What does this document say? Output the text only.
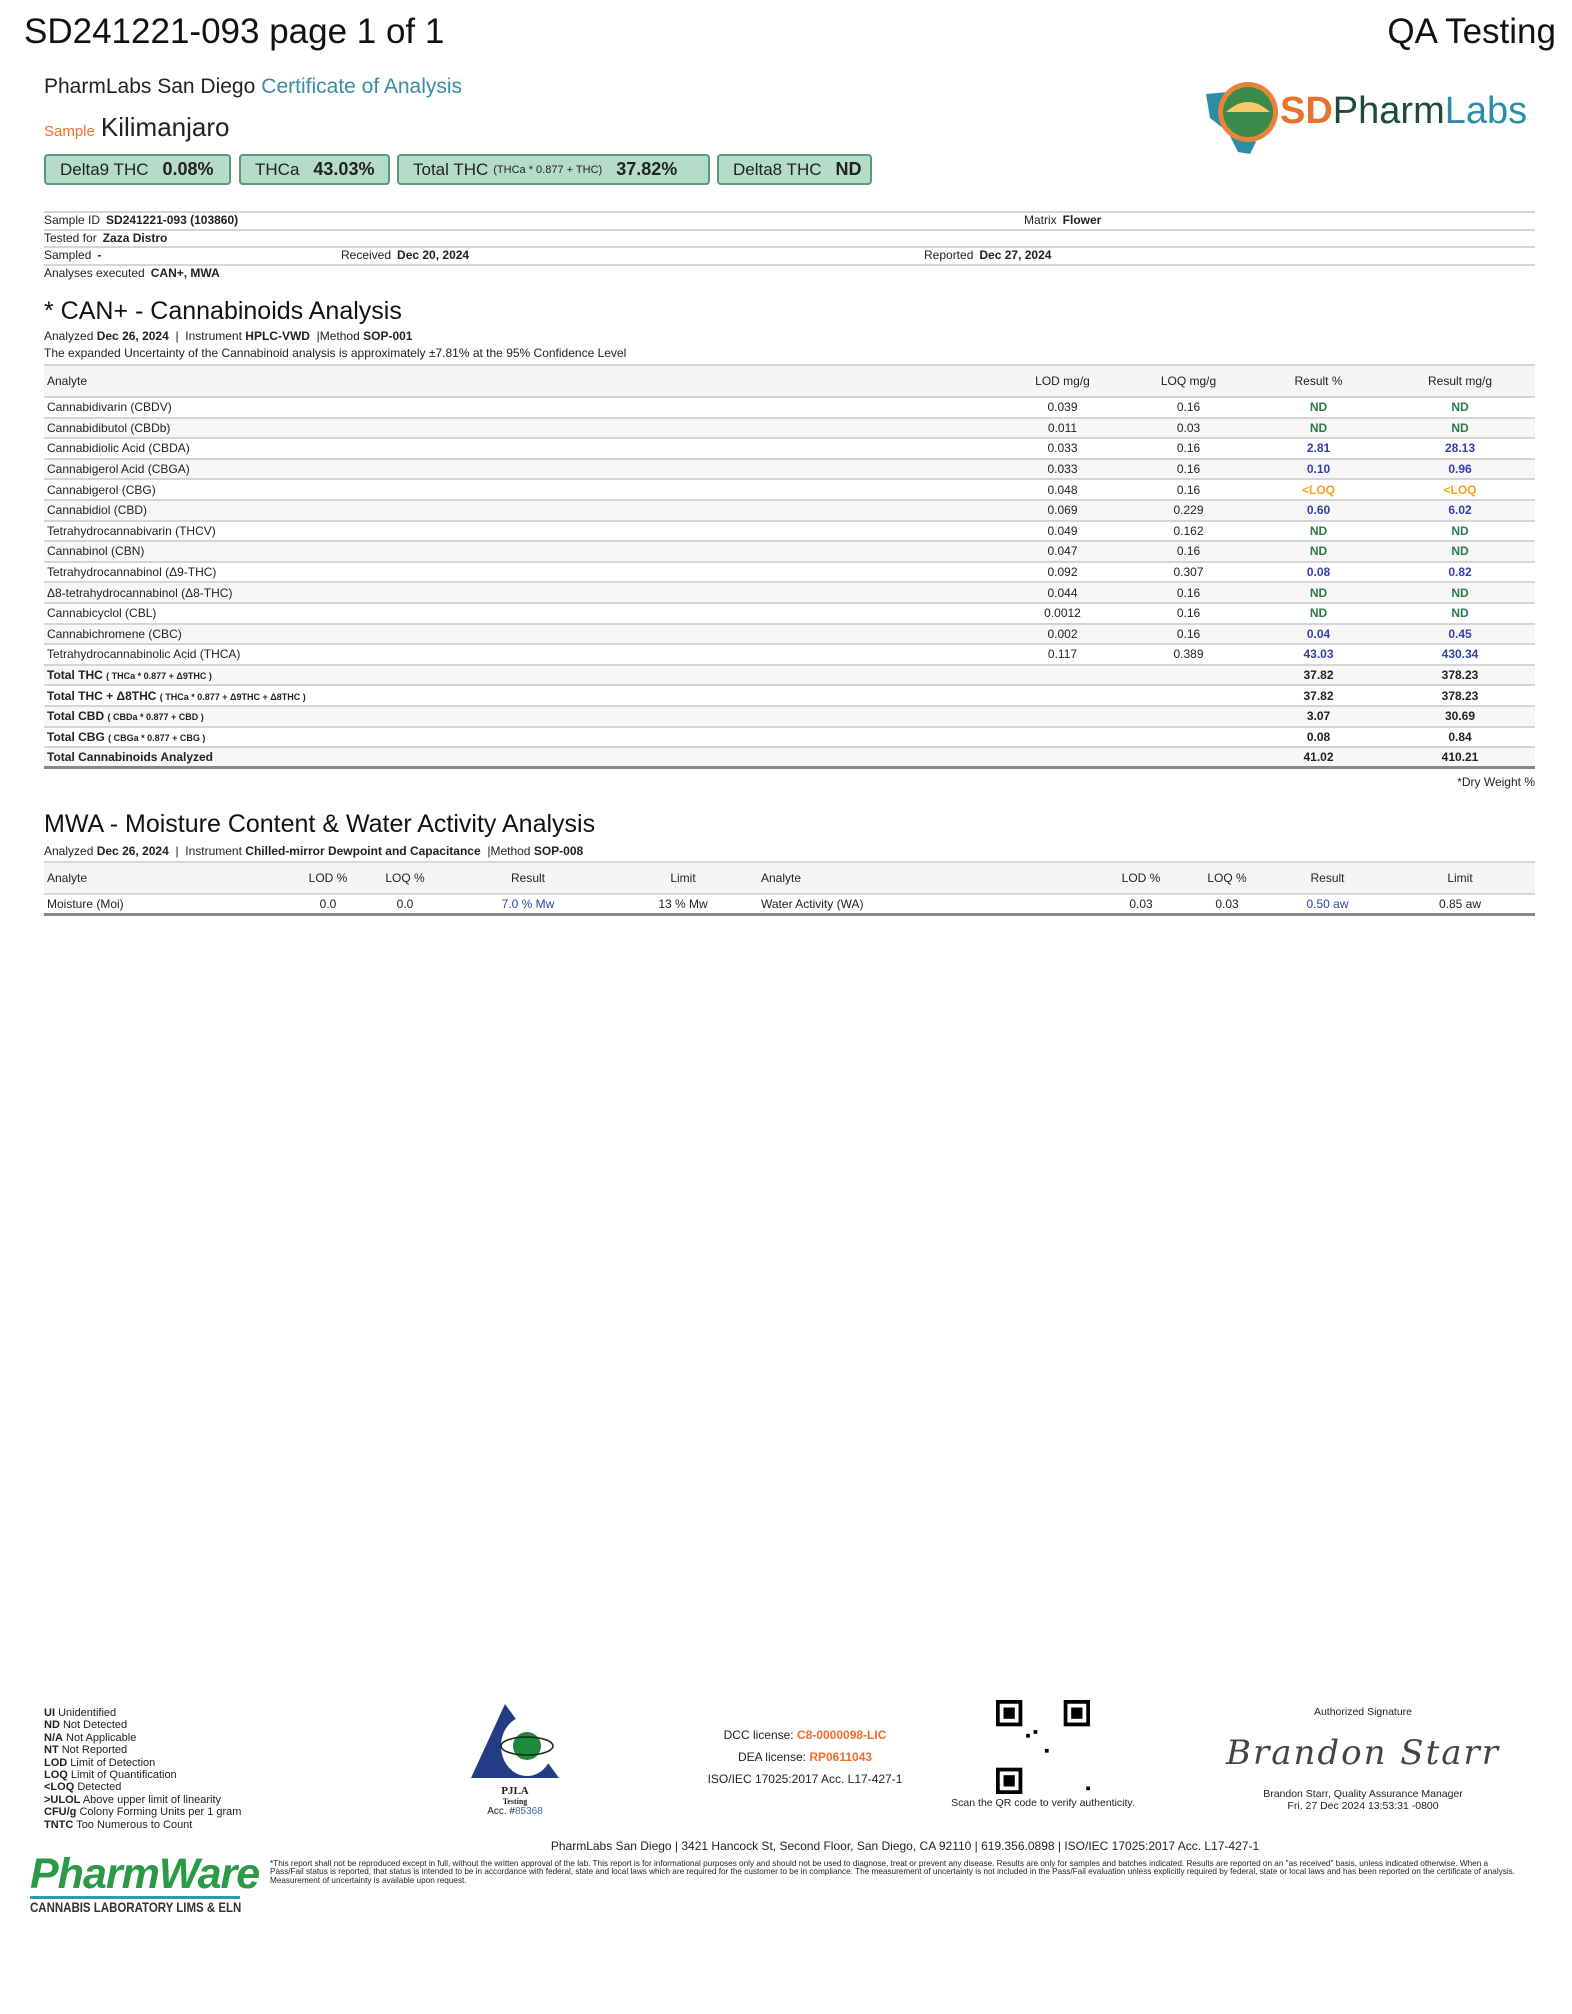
SD241221-093 page 1 of 1	QA Testing
PharmLabs San Diego Certificate of Analysis
Sample Kilimanjaro	SDPharmLabs
Delta9 THC 0.08% THCa 43.03% Total THC (THCa * 0.877 + THC) 37.82%	Delta8 THC ND
Sample ID SD241221-093 (103860)	Matrix Flower
Tested for Zaza Distro
Sampled -	Received Dec 20, 2024	Reported Dec 27, 2024
Analyses executed CAN+, MWA
* CAN+ - Cannabinoids Analysis
Analyzed Dec 26, 2024  |  Instrument HPLC-VWD  |Method SOP-001
The expanded Uncertainty of the Cannabinoid analysis is approximately ±7.81% at the 95% Confidence Level
Analyte	LOD mg/g	LOQ mg/g	Result %	Result mg/g
Cannabidivarin (CBDV)	0.039	0.16	ND	ND
Cannabidibutol (CBDb)	0.011	0.03	ND	ND
Cannabidiolic Acid (CBDA)	0.033	0.16	2.81	28.13
Cannabigerol Acid (CBGA)	0.033	0.16	0.10	0.96
Cannabigerol (CBG)	0.048	0.16	<LOQ	<LOQ
Cannabidiol (CBD)	0.069	0.229	0.60	6.02
Tetrahydrocannabivarin (THCV)	0.049	0.162	ND	ND
Cannabinol (CBN)	0.047	0.16	ND	ND
Tetrahydrocannabinol (Δ9-THC)	0.092	0.307	0.08	0.82
Δ8-tetrahydrocannabinol (Δ8-THC)	0.044	0.16	ND	ND
Cannabicyclol (CBL)	0.0012	0.16	ND	ND
Cannabichromene (CBC)	0.002	0.16	0.04	0.45
Tetrahydrocannabinolic Acid (THCA)	0.117	0.389	43.03	430.34
Total THC ( THCa * 0.877 + Δ9THC )			37.82	378.23
Total THC + Δ8THC ( THCa * 0.877 + Δ9THC + Δ8THC )			37.82	378.23
Total CBD ( CBDa * 0.877 + CBD )			3.07	30.69
Total CBG ( CBGa * 0.877 + CBG )			0.08	0.84
Total Cannabinoids Analyzed			41.02	410.21
*Dry Weight %
MWA - Moisture Content & Water Activity Analysis
Analyzed Dec 26, 2024  |  Instrument Chilled-mirror Dewpoint and Capacitance  |Method SOP-008
Analyte	LOD %	LOQ %	Result	Limit	Analyte	LOD %	LOQ %	Result	Limit
Moisture (Moi)	0.0	0.0	7.0 % Mw	13 % Mw	Water Activity (WA)	0.03	0.03	0.50 aw	0.85 aw
UI Unidentified
ND Not Detected
N/A Not Applicable
NT Not Reported
LOD Limit of Detection
LOQ Limit of Quantification
<LOQ Detected
>ULOL Above upper limit of linearity
CFU/g Colony Forming Units per 1 gram
TNTC Too Numerous to Count
PJLA
Testing
Acc. #85368
DCC license: C8-0000098-LIC
DEA license: RP0611043
ISO/IEC 17025:2017 Acc. L17-427-1
Scan the QR code to verify authenticity.
Authorized Signature
Brandon Starr
Brandon Starr, Quality Assurance Manager
Fri, 27 Dec 2024 13:53:31 -0800
PharmLabs San Diego | 3421 Hancock St, Second Floor, San Diego, CA 92110 | 619.356.0898 | ISO/IEC 17025:2017 Acc. L17-427-1
*This report shall not be reproduced except in full, without the written approval of the lab. This report is for informational purposes only and should not be used to diagnose, treat or prevent any disease. Results are only for samples and batches indicated. Results are reported on an "as received" basis, unless indicated otherwise. When a Pass/Fail status is reported, that status is intended to be in accordance with federal, state and local laws which are required for the customer to be in compliance. The measurement of uncertainty is not included in the Pass/Fail evaluation unless explicitly required by federal, state or local laws and has been reported on the certificate of analysis. Measurement of uncertainty is available upon request.
PharmWare
CANNABIS LABORATORY LIMS & ELN
